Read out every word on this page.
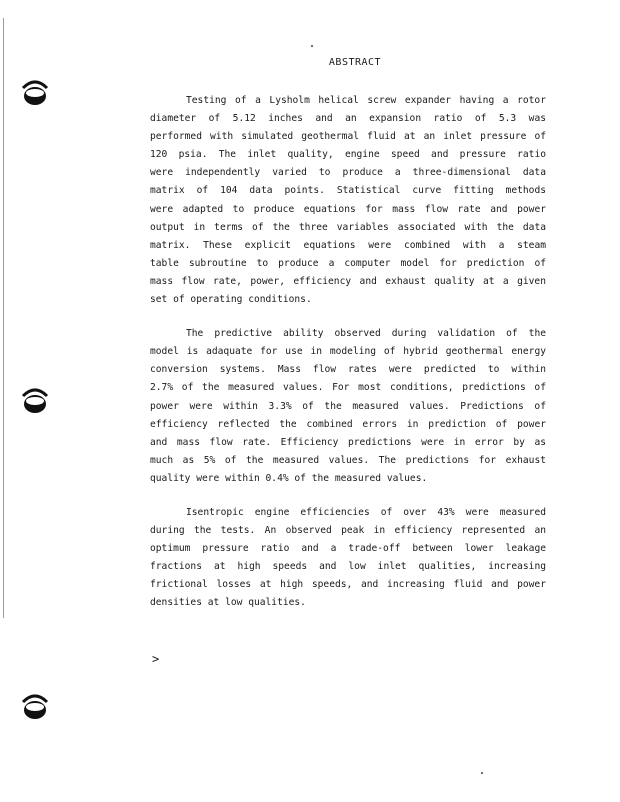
ABSTRACT

Testing of a Lysholm helical screw expander having a rotor
diameter of 5.12 inches and an expansion ratio of 5.3 was
performed with simulated geothermal fluid at an inlet pressure of
120 psia. The inlet quality, engine speed and pressure ratio
were independently varied to produce a three-dimensional data
matrix of 104 data points. Statistical curve fitting methods
were adapted to produce equations for mass flow rate and power
output in terms of the three variables associated with the data
matrix. These explicit equations were combined with a steam
table subroutine to produce a computer model for prediction of
mass flow rate, power, efficiency and exhaust quality at a given
set of operating conditions.

The predictive ability observed during validation of the
model is adaquate for use in modeling of hybrid geothermal energy
conversion systems. Mass flow rates were predicted to within
2.7% of the measured values. For most conditions, predictions of
power were within 3.3% of the measured values. Predictions of
efficiency reflected the combined errors in prediction of power
and mass flow rate. Efficiency predictions were in error by as
much as 5% of the measured values. The predictions for exhaust
quality were within 0.4% of the measured values.

Isentropic engine efficiencies of over 43% were measured
during the tests. An observed peak in efficiency represented an
optimum pressure ratio and a trade-off between lower leakage
fractions at high speeds and low inlet qualities, increasing
frictional losses at high speeds, and increasing fluid and power
densities at low qualities.

>
